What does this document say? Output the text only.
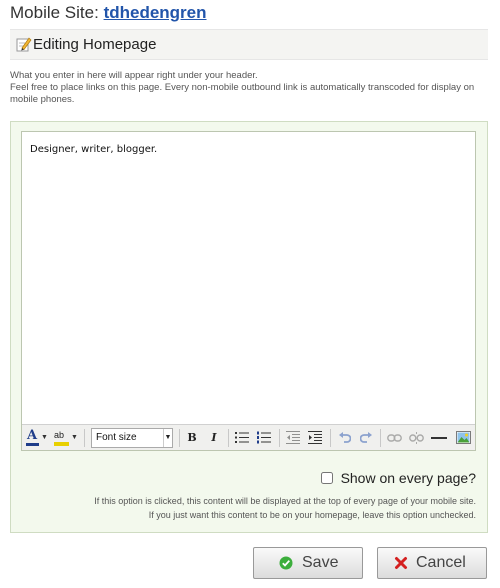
Mobile Site: tdhedengren
Editing Homepage

What you enter in here will appear right under your header.

Feel free to place links on this page. Every non-mobile outbound link is automatically transcoded for display on mobile phones.

Designer, writer, blogger.
A ▼ ab ▼	Font size	▼	B	I
Show on every page?
If this option is clicked, this content will be displayed at the top of every page of your mobile site.
If you just want this content to be on your homepage, leave this option unchecked.
Save	Cancel
